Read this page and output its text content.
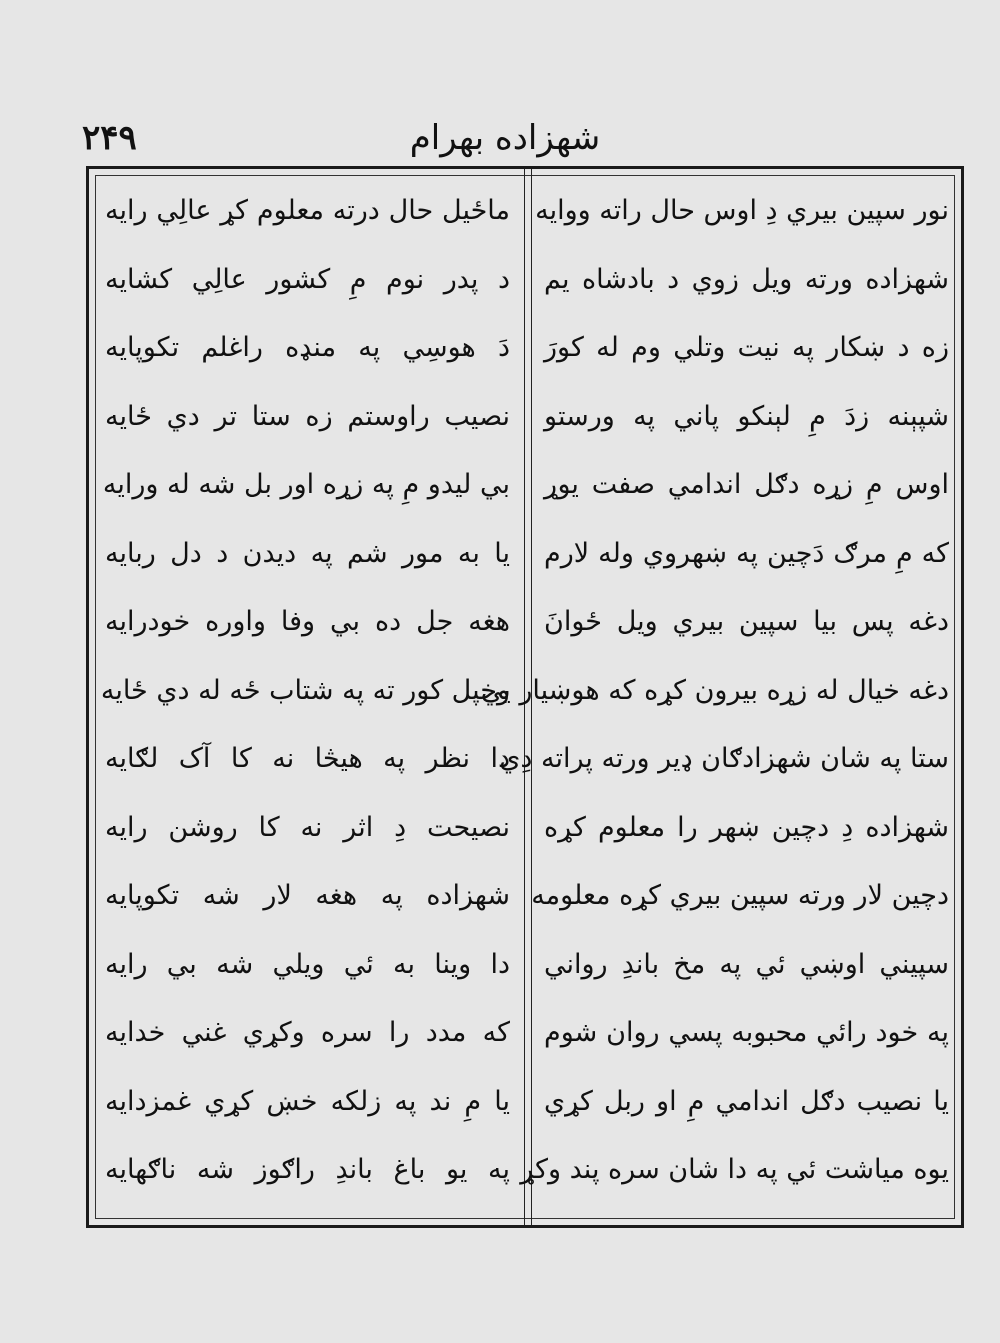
۲۴۹	شهزاده بهرام
نور سپین بیري ﺩِ اوس حال راته ووايه
شهزاده ورته ویل زوي د بادشاه یم
زه د ښکار په نیت وتلي وم له کورَ
شپېنه زدَ مِ لېنکو پاني په ورستو
اوس مِ زړه دګل اندامي صفت یوړ
که مِ مرګ دَچین په ښهروي وله لارم
دغه پس بیا سپین بیري ویل ځوانَ
دغه خیال له زړه بیرون کړه که هوښیار يي
ستا په شان شهزادګان ډیر ورته پراته دِي
شهزاده ﺩِ دچین ښهر را معلوم کړه
دچین لار ورته سپین بیري کړه معلومه
سپیني اوښي ئي په مخ باندِ رواني
په خود رائي محبوبه پسي روان شوم
یا نصیب دګل اندامي مِ او ربل کړي
یوه میاشت ئي په دا شان سره پند وکړ
ماځیل حال درته معلوم کړ عالِي رایه
د پدر نوم مِ کشور عالِي کشایه
دَ هوسِي په منډه راغلم تکوپایه
نصیب راوستم زه ستا تر دي ځایه
بي لیدو مِ په زړه اور بل شه له ورایه
یا به مور شم په دیدن د دل ربایه
هغه جل ده بي وفا واوره خودرایه
وخپل کور ته په شتاب ځه له دي ځایه
دا نظر په هیڅا نه کا آک لګایه
نصیحت ﺩِ اثر نه کا روشن رایه
شهزاده په هغه لار شه تکوپایه
دا وینا به ئي ویلي شه بي رایه
که مدد را سره وکړي غني خدایه
یا مِ ند په زلکه خښ کړي غمزدایه
په یو باغ باندِ راګوز شه ناګهایه
